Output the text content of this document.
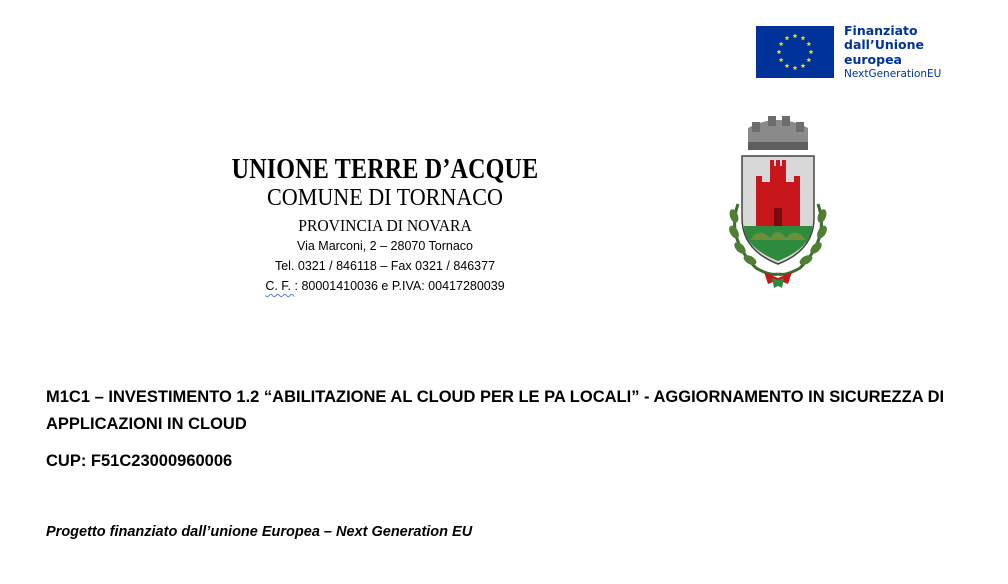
Finanziato
dall’Unione europea
NextGenerationEU
UNIONE TERRE D’ACQUE
COMUNE DI TORNACO
PROVINCIA DI NOVARA
Via Marconi, 2 – 28070 Tornaco
Tel. 0321 / 846118 – Fax 0321 / 846377
C. F. : 80001410036 e P.IVA: 00417280039

M1C1 – INVESTIMENTO 1.2 “ABILITAZIONE AL CLOUD PER LE PA LOCALI” - AGGIORNAMENTO IN SICUREZZA DI APPLICAZIONI IN CLOUD

CUP: F51C23000960006

Progetto finanziato dall’unione Europea – Next Generation EU
